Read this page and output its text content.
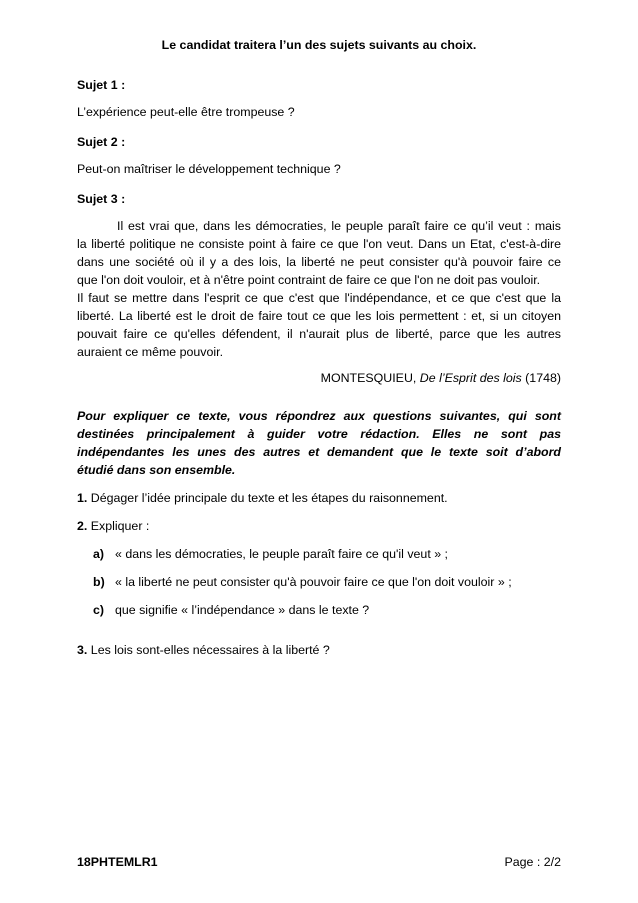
Le candidat traitera l’un des sujets suivants au choix.
Sujet 1 :
L’expérience peut-elle être trompeuse ?
Sujet 2 :
Peut-on maîtriser le développement technique ?
Sujet 3 :
Il est vrai que, dans les démocraties, le peuple paraît faire ce qu’il veut : mais
la liberté politique ne consiste point à faire ce que l'on veut. Dans un Etat, c'est-à-dire
dans une société où il y a des lois, la liberté ne peut consister qu'à pouvoir faire ce
que l'on doit vouloir, et à n'être point contraint de faire ce que l'on ne doit pas vouloir.
Il faut se mettre dans l'esprit ce que c'est que l'indépendance, et ce que c'est que la
liberté. La liberté est le droit de faire tout ce que les lois permettent : et, si un citoyen
pouvait faire ce qu'elles défendent, il n'aurait plus de liberté, parce que les autres
auraient ce même pouvoir.
MONTESQUIEU, De l’Esprit des lois (1748)
Pour expliquer ce texte, vous répondrez aux questions suivantes, qui sont
destinées principalement à guider votre rédaction. Elles ne sont pas
indépendantes les unes des autres et demandent que le texte soit d’abord
étudié dans son ensemble.
1. Dégager l’idée principale du texte et les étapes du raisonnement.
2. Expliquer :
a) « dans les démocraties, le peuple paraît faire ce qu'il veut » ;
b) « la liberté ne peut consister qu'à pouvoir faire ce que l'on doit vouloir » ;
c) que signifie « l’indépendance » dans le texte ?
3. Les lois sont-elles nécessaires à la liberté ?
18PHTEMLR1	Page : 2/2
